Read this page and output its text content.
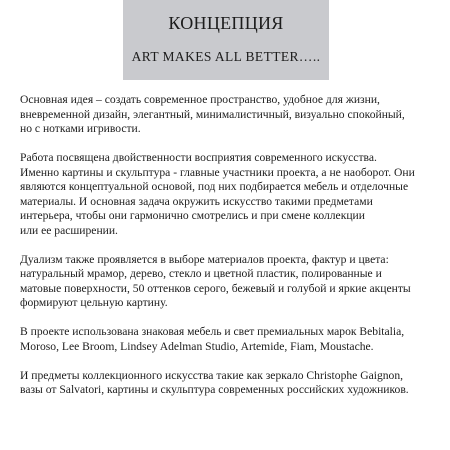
КОНЦЕПЦИЯ
ART MAKES ALL BETTER…..

Основная идея – создать современное пространство, удобное для жизни,
вневременной дизайн, элегантный, минималистичный, визуально спокойный,
но с нотками игривости.

Работа посвящена двойственности восприятия современного искусства.
Именно картины и скульптура - главные участники проекта, а не наоборот. Они
являются концептуальной основой, под них подбирается мебель и отделочные
материалы. И основная задача окружить искусство такими предметами
интерьера, чтобы они гармонично смотрелись и при смене коллекции
или ее расширении.

Дуализм также проявляется в выборе материалов проекта, фактур и цвета:
натуральный мрамор, дерево, стекло и цветной пластик, полированные и
матовые поверхности, 50 оттенков серого, бежевый и голубой и яркие акценты
формируют цельную картину.

В проекте использована знаковая мебель и свет премиальных марок Bebitalia,
Moroso, Lee Broom, Lindsey Adelman Studio, Artemide, Fiam, Moustache.

И предметы коллекционного искусства такие как зеркало Christophe Gaignon,
вазы от Salvatori, картины и скульптура современных российских художников.
